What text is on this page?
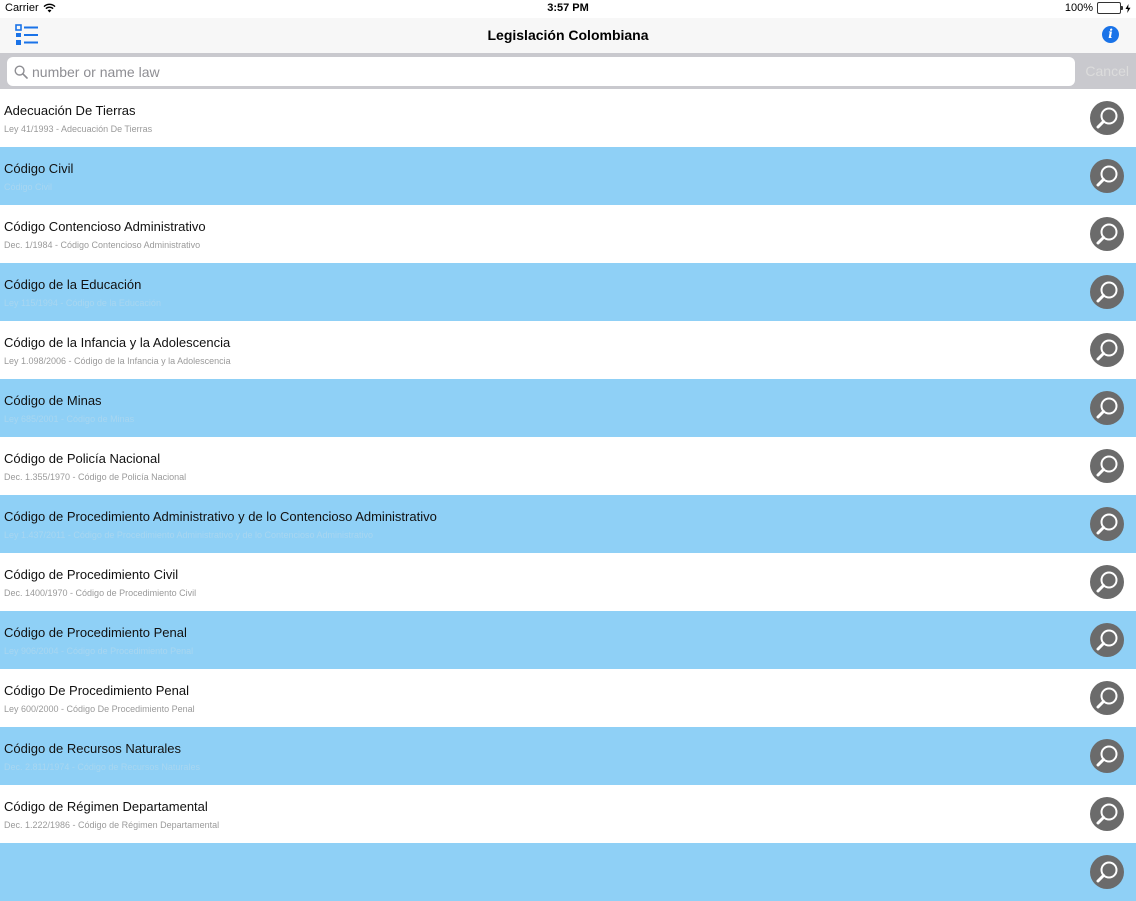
Carrier	3:57 PM	100%
Legislación Colombiana	i
number or name law
Cancel
Adecuación De Tierras
Ley 41/1993 - Adecuación De Tierras
Código Civil
Código Civil
Código Contencioso Administrativo
Dec. 1/1984 - Código Contencioso Administrativo
Código de la Educación
Ley 115/1994 - Código de la Educación
Código de la Infancia y la Adolescencia
Ley 1.098/2006 - Código de la Infancia y la Adolescencia
Código de Minas
Ley 685/2001 - Código de Minas
Código de Policía Nacional
Dec. 1.355/1970 - Código de Policía Nacional
Código de Procedimiento Administrativo y de lo Contencioso Administrativo
Ley 1.437/2011 - Código de Procedimiento Administrativo y de lo Contencioso Administrativo
Código de Procedimiento Civil
Dec. 1400/1970 - Código de Procedimiento Civil
Código de Procedimiento Penal
Ley 906/2004 - Código de Procedimiento Penal
Código De Procedimiento Penal
Ley 600/2000 - Código De Procedimiento Penal
Código de Recursos Naturales
Dec. 2.811/1974 - Código de Recursos Naturales
Código de Régimen Departamental
Dec. 1.222/1986 - Código de Régimen Departamental
